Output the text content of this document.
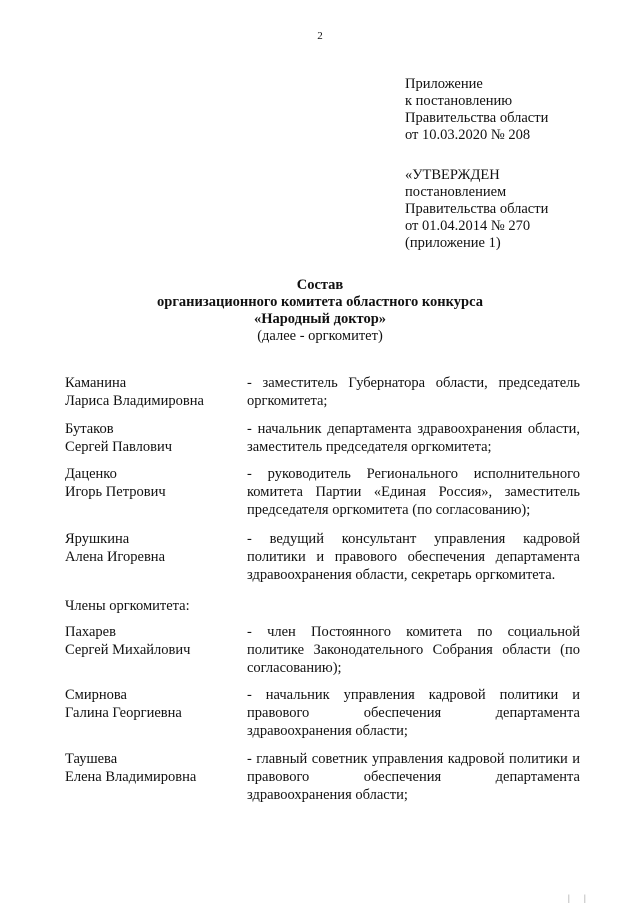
2
Приложение
к постановлению
Правительства области
от 10.03.2020 № 208
«УТВЕРЖДЕН
постановлением
Правительства области
от 01.04.2014 № 270
(приложение 1)
Состав
организационного комитета областного конкурса
«Народный доктор»
(далее - оргкомитет)
Каманина
Лариса Владимировна
- заместитель Губернатора области, председатель оргкомитета;
Бутаков
Сергей Павлович
- начальник департамента здравоохранения области, заместитель председателя оргкомитета;
Даценко
Игорь Петрович
- руководитель Регионального исполнительного комитета Партии «Единая Россия», заместитель председателя оргкомитета (по согласованию);
Ярушкина
Алена Игоревна
- ведущий консультант управления кадровой политики и правового обеспечения департамента здравоохранения области, секретарь оргкомитета.
Члены оргкомитета:
Пахарев
Сергей Михайлович
- член Постоянного комитета по социальной политике Законодательного Собрания области (по согласованию);
Смирнова
Галина Георгиевна
- начальник управления кадровой политики и правового обеспечения департамента здравоохранения области;
Таушева
Елена Владимировна
- главный советник управления кадровой политики и правового обеспечения департамента здравоохранения области;
| |
